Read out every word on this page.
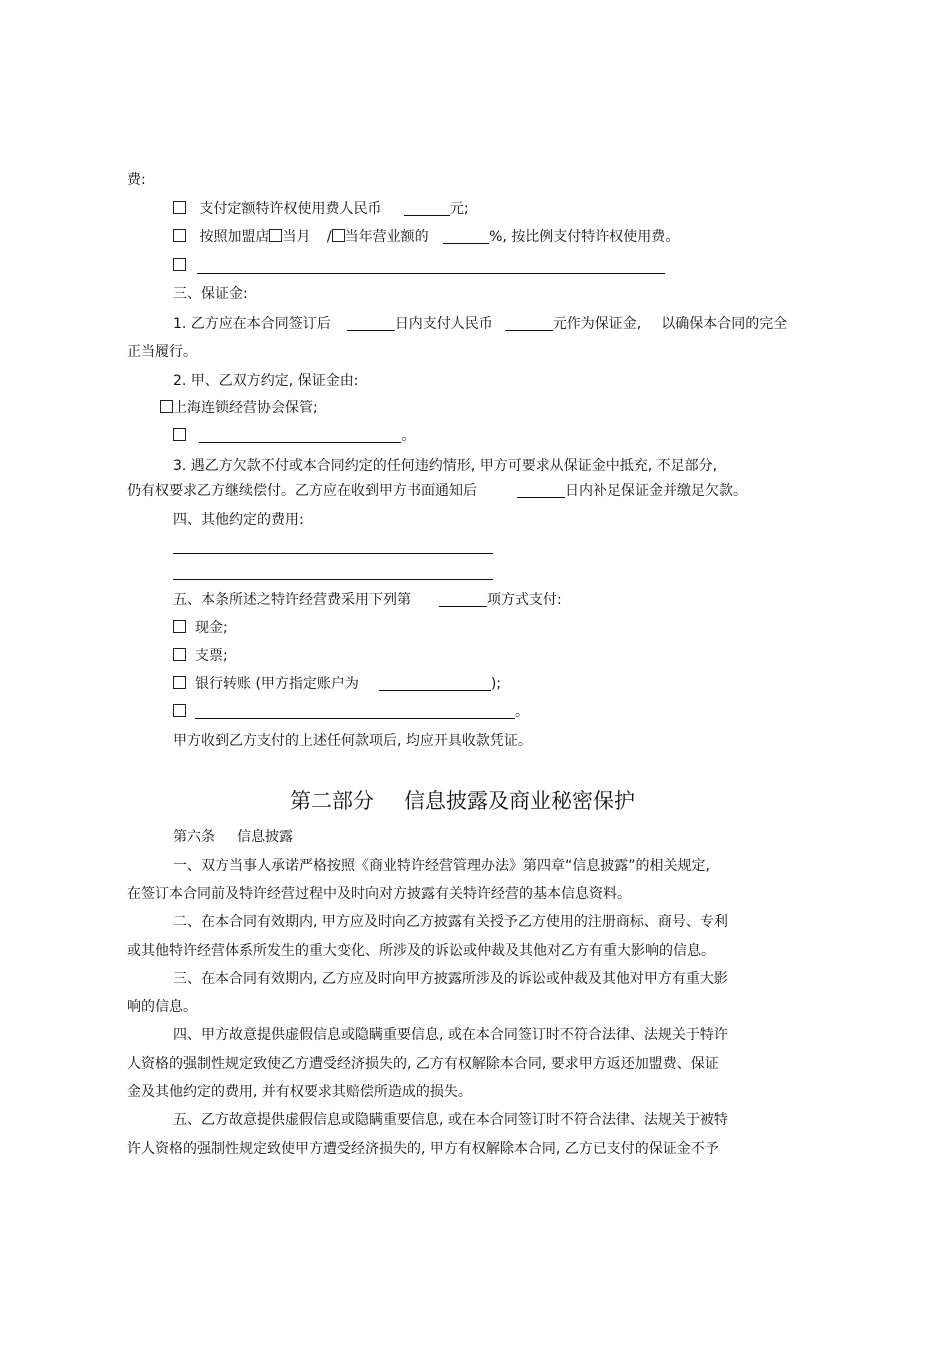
费:
支付定额特许权使用费人民币	元;
按照加盟店 当月 / 当年营业额的	%, 按比例支付特许权使用费。
三、保证金:
1. 乙方应在本合同签订后	日内支付人民币	元作为保证金, 以确保本合同的完全
正当履行。
2. 甲、乙双方约定, 保证金由:
上海连锁经营协会保管;
。
3. 遇乙方欠款不付或本合同约定的任何违约情形, 甲方可要求从保证金中抵充, 不足部分,
仍有权要求乙方继续偿付。乙方应在收到甲方书面通知后	日内补足保证金并缴足欠款。
四、其他约定的费用:
五、本条所述之特许经营费采用下列第	项方式支付:
现金;
支票;
银行转账 (甲方指定账户为	);
。
甲方收到乙方支付的上述任何款项后, 均应开具收款凭证。
第二部分 信息披露及商业秘密保护
第六条 信息披露
一、双方当事人承诺严格按照《商业特许经营管理办法》第四章“信息披露”的相关规定,
在签订本合同前及特许经营过程中及时向对方披露有关特许经营的基本信息资料。
二、在本合同有效期内, 甲方应及时向乙方披露有关授予乙方使用的注册商标、商号、专利
或其他特许经营体系所发生的重大变化、所涉及的诉讼或仲裁及其他对乙方有重大影响的信息。
三、在本合同有效期内, 乙方应及时向甲方披露所涉及的诉讼或仲裁及其他对甲方有重大影
响的信息。
四、甲方故意提供虚假信息或隐瞒重要信息, 或在本合同签订时不符合法律、法规关于特许
人资格的强制性规定致使乙方遭受经济损失的, 乙方有权解除本合同, 要求甲方返还加盟费、保证
金及其他约定的费用, 并有权要求其赔偿所造成的损失。
五、乙方故意提供虚假信息或隐瞒重要信息, 或在本合同签订时不符合法律、法规关于被特
许人资格的强制性规定致使甲方遭受经济损失的, 甲方有权解除本合同, 乙方已支付的保证金不予
